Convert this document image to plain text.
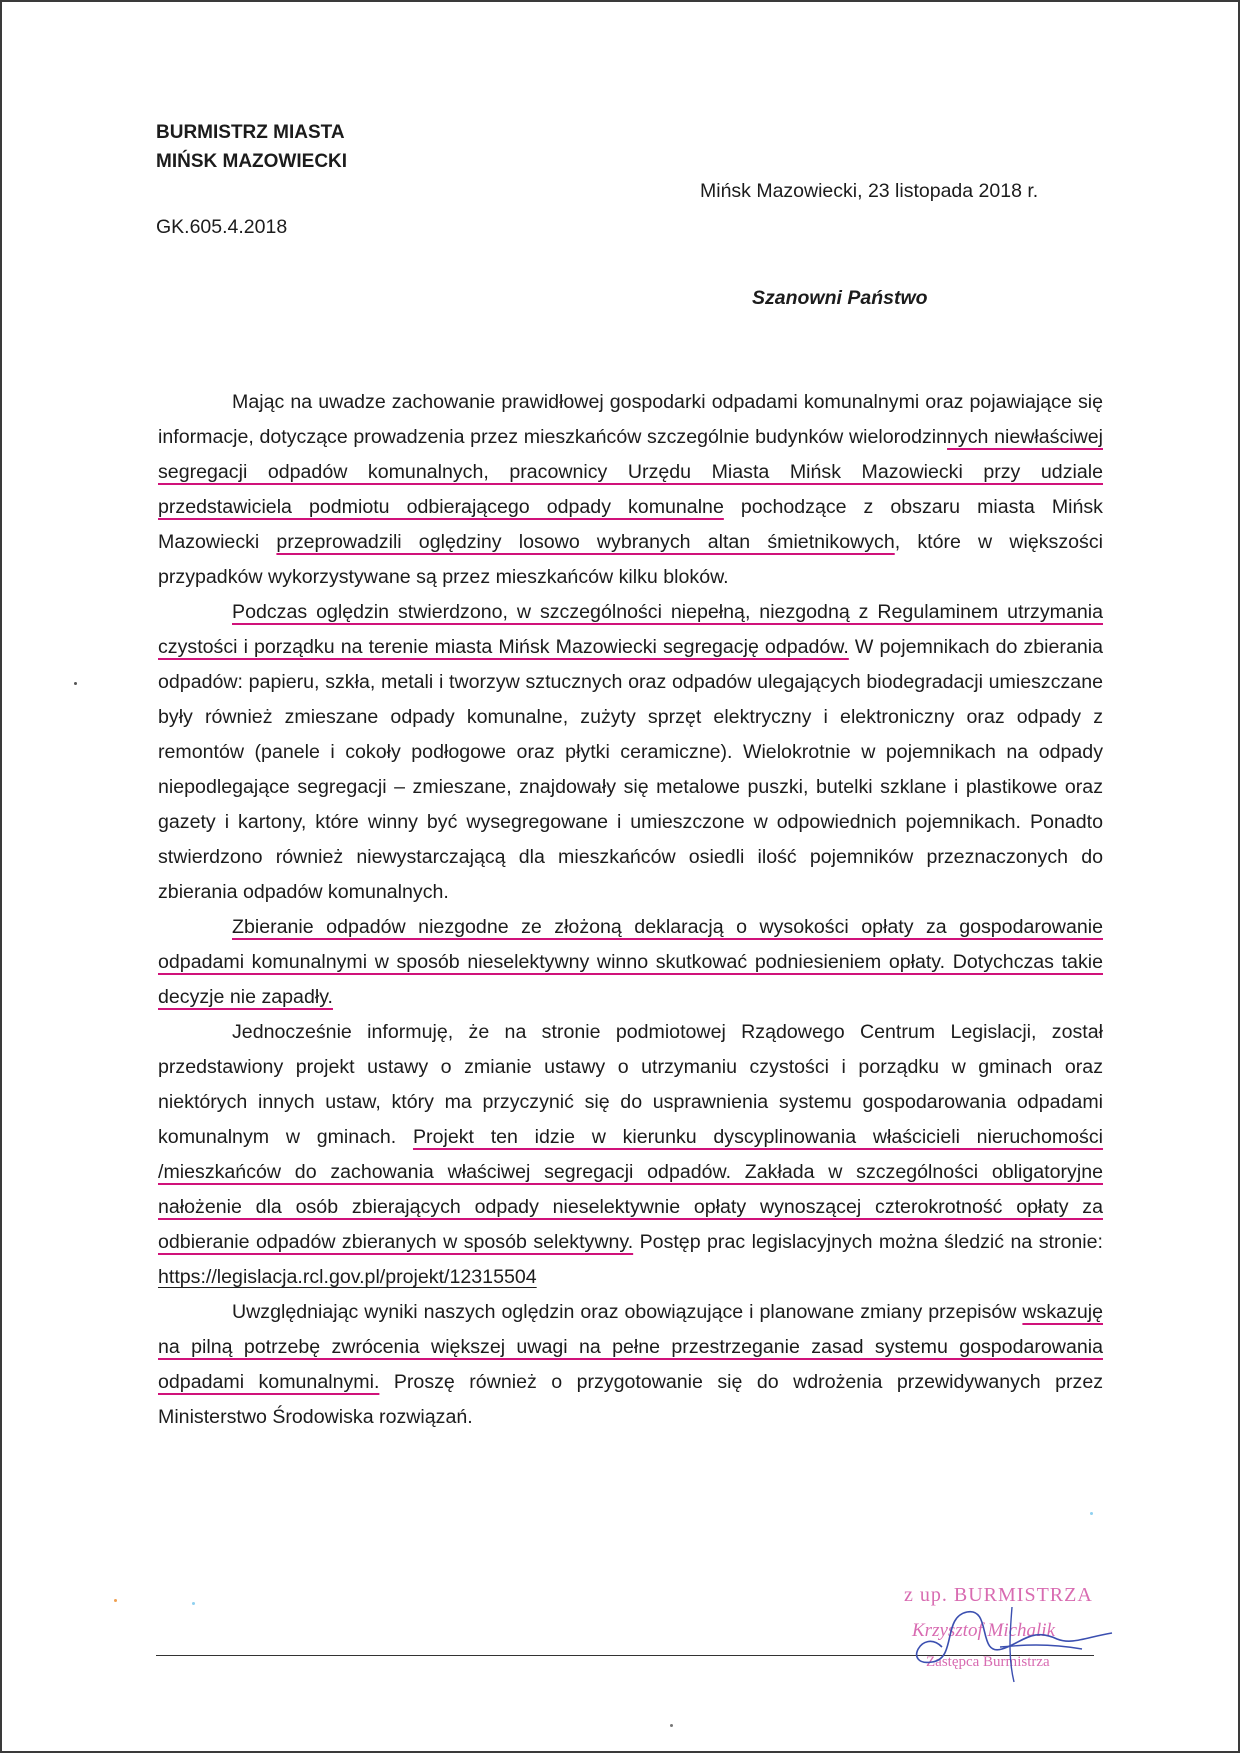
BURMISTRZ MIASTA
MIŃSK MAZOWIECKI
Mińsk Mazowiecki, 23 listopada 2018 r.
GK.605.4.2018
Szanowni Państwo

Mając na uwadze zachowanie prawidłowej gospodarki odpadami komunalnymi oraz pojawiające się informacje, dotyczące prowadzenia przez mieszkańców szczególnie budynków wielorodzinnych niewłaściwej segregacji odpadów komunalnych, pracownicy Urzędu Miasta Mińsk Mazowiecki przy udziale przedstawiciela podmiotu odbierającego odpady komunalne pochodzące z obszaru miasta Mińsk Mazowiecki przeprowadzili oględziny losowo wybranych altan śmietnikowych, które w większości przypadków wykorzystywane są przez mieszkańców kilku bloków.

Podczas oględzin stwierdzono, w szczególności niepełną, niezgodną z Regulaminem utrzymania czystości i porządku na terenie miasta Mińsk Mazowiecki segregację odpadów. W pojemnikach do zbierania odpadów: papieru, szkła, metali i tworzyw sztucznych oraz odpadów ulegających biodegradacji umieszczane były również zmieszane odpady komunalne, zużyty sprzęt elektryczny i elektroniczny oraz odpady z remontów (panele i cokoły podłogowe oraz płytki ceramiczne). Wielokrotnie w pojemnikach na odpady niepodlegające segregacji – zmieszane, znajdowały się metalowe puszki, butelki szklane i plastikowe oraz gazety i kartony, które winny być wysegregowane i umieszczone w odpowiednich pojemnikach. Ponadto stwierdzono również niewystarczającą dla mieszkańców osiedli ilość pojemników przeznaczonych do zbierania odpadów komunalnych.

Zbieranie odpadów niezgodne ze złożoną deklaracją o wysokości opłaty za gospodarowanie odpadami komunalnymi w sposób nieselektywny winno skutkować podniesieniem opłaty. Dotychczas takie decyzje nie zapadły.

Jednocześnie informuję, że na stronie podmiotowej Rządowego Centrum Legislacji, został przedstawiony projekt ustawy o zmianie ustawy o utrzymaniu czystości i porządku w gminach oraz niektórych innych ustaw, który ma przyczynić się do usprawnienia systemu gospodarowania odpadami komunalnym w gminach. Projekt ten idzie w kierunku dyscyplinowania właścicieli nieruchomości /mieszkańców do zachowania właściwej segregacji odpadów. Zakłada w szczególności obligatoryjne nałożenie dla osób zbierających odpady nieselektywnie opłaty wynoszącej czterokrotność opłaty za odbieranie odpadów zbieranych w sposób selektywny. Postęp prac legislacyjnych można śledzić na stronie: https://legislacja.rcl.gov.pl/projekt/12315504

Uwzględniając wyniki naszych oględzin oraz obowiązujące i planowane zmiany przepisów wskazuję na pilną potrzebę zwrócenia większej uwagi na pełne przestrzeganie zasad systemu gospodarowania odpadami komunalnymi. Proszę również o przygotowanie się do wdrożenia przewidywanych przez Ministerstwo Środowiska rozwiązań.

z up. BURMISTRZA
Krzysztof Michalik
Zastępca Burmistrza
